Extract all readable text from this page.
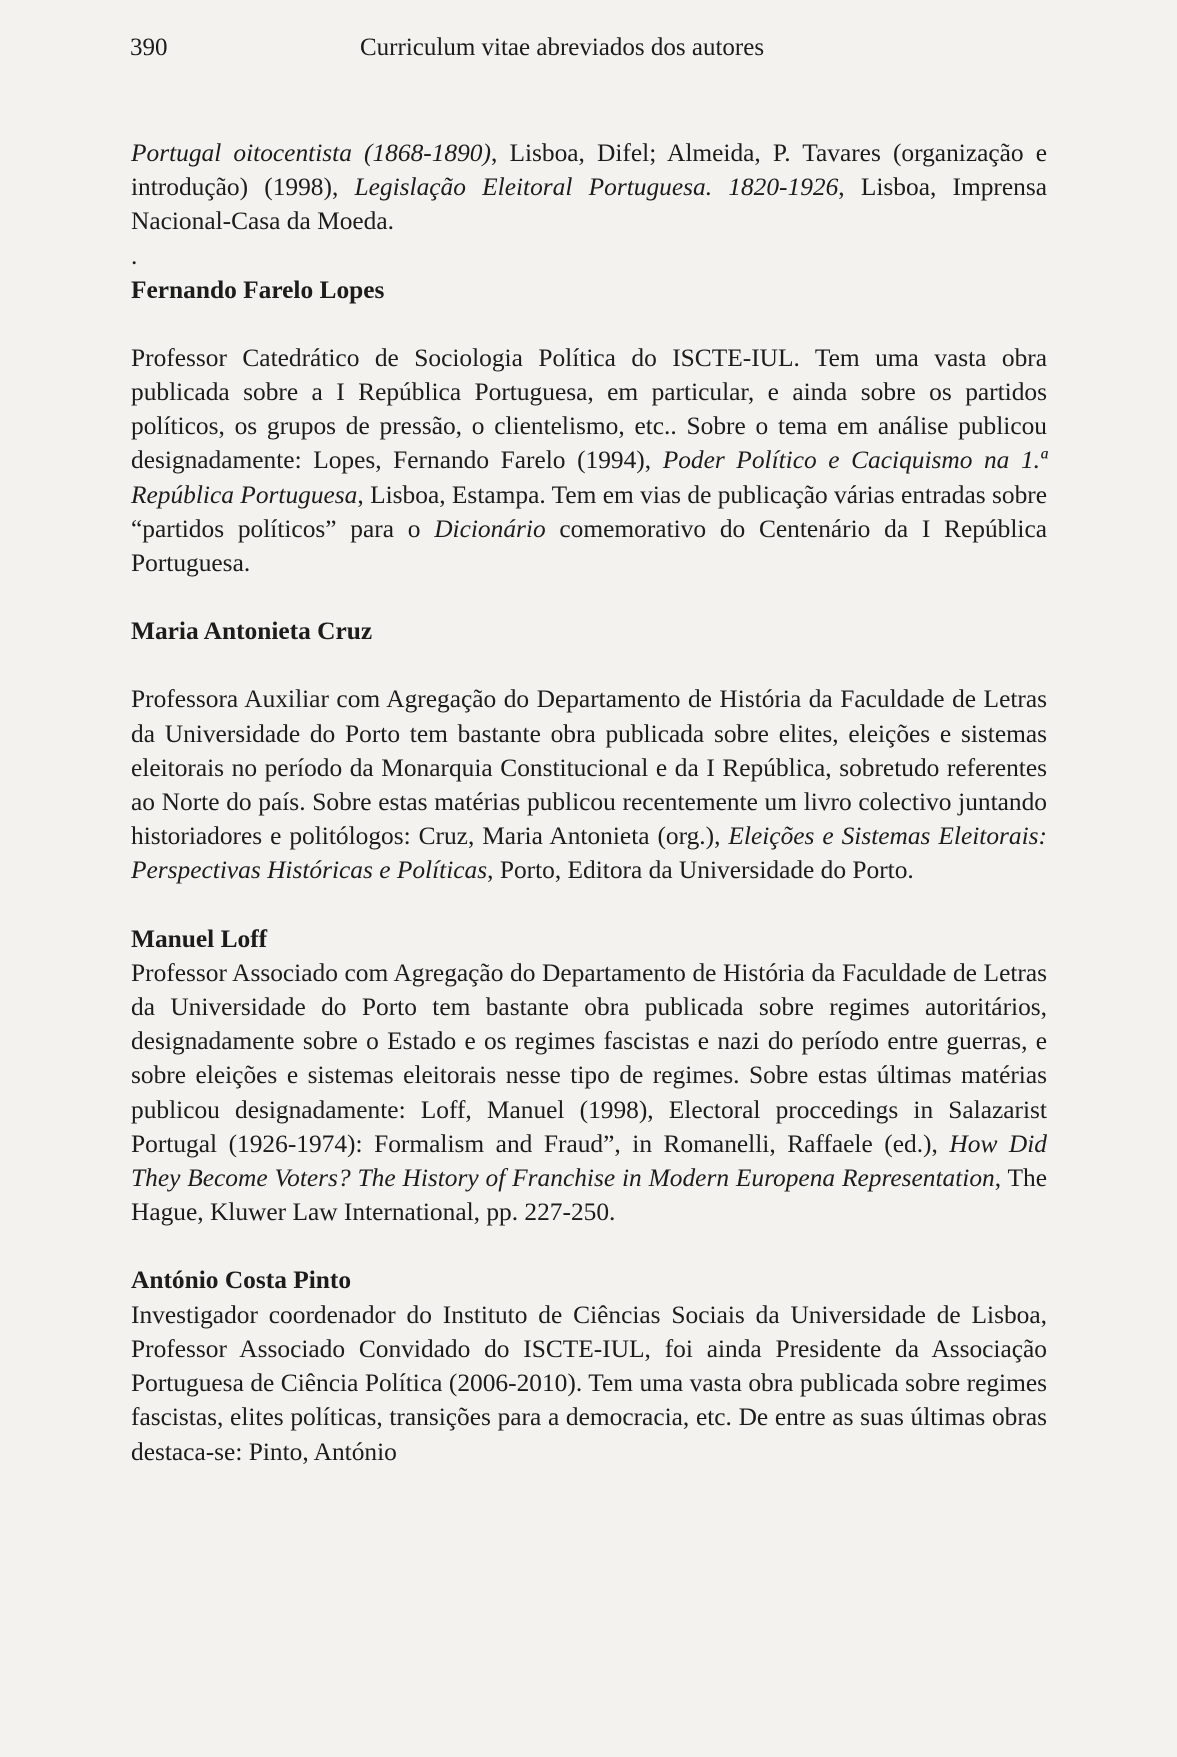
390	Curriculum vitae abreviados dos autores

Portugal oitocentista (1868-1890), Lisboa, Difel; Almeida, P. Tavares (organização e introdução) (1998), Legislação Eleitoral Portuguesa. 1820-1926, Lisboa, Imprensa Nacional-Casa da Moeda.

.

Fernando Farelo Lopes

Professor Catedrático de Sociologia Política do ISCTE-IUL. Tem uma vasta obra publicada sobre a I República Portuguesa, em particular, e ainda sobre os partidos políticos, os grupos de pressão, o clientelismo, etc.. Sobre o tema em análise publicou designadamente: Lopes, Fernando Farelo (1994), Poder Político e Caciquismo na 1.ª República Portuguesa, Lisboa, Estampa. Tem em vias de publicação várias entradas sobre “partidos políticos” para o Dicionário comemorativo do Centenário da I República Portuguesa.

Maria Antonieta Cruz

Professora Auxiliar com Agregação do Departamento de História da Faculdade de Letras da Universidade do Porto tem bastante obra publicada sobre elites, eleições e sistemas eleitorais no período da Monarquia Constitucional e da I República, sobretudo referentes ao Norte do país. Sobre estas matérias publicou recentemente um livro colectivo juntando historiadores e politólogos: Cruz, Maria Antonieta (org.), Eleições e Sistemas Eleitorais: Perspectivas Históricas e Políticas, Porto, Editora da Universidade do Porto.

Manuel Loff

Professor Associado com Agregação do Departamento de História da Faculdade de Letras da Universidade do Porto tem bastante obra publicada sobre regimes autoritários, designadamente sobre o Estado e os regimes fascistas e nazi do período entre guerras, e sobre eleições e sistemas eleitorais nesse tipo de regimes. Sobre estas últimas matérias publicou designadamente: Loff, Manuel (1998), Electoral proccedings in Salazarist Portugal (1926-1974): Formalism and Fraud”, in Romanelli, Raffaele (ed.), How Did They Become Voters? The History of Franchise in Modern Europena Representation, The Hague, Kluwer Law International, pp. 227-250.

António Costa Pinto

Investigador coordenador do Instituto de Ciências Sociais da Universidade de Lisboa, Professor Associado Convidado do ISCTE-IUL, foi ainda Presidente da Associação Portuguesa de Ciência Política (2006-2010). Tem uma vasta obra publicada sobre regimes fascistas, elites políticas, transições para a democracia, etc. De entre as suas últimas obras destaca-se: Pinto, António
